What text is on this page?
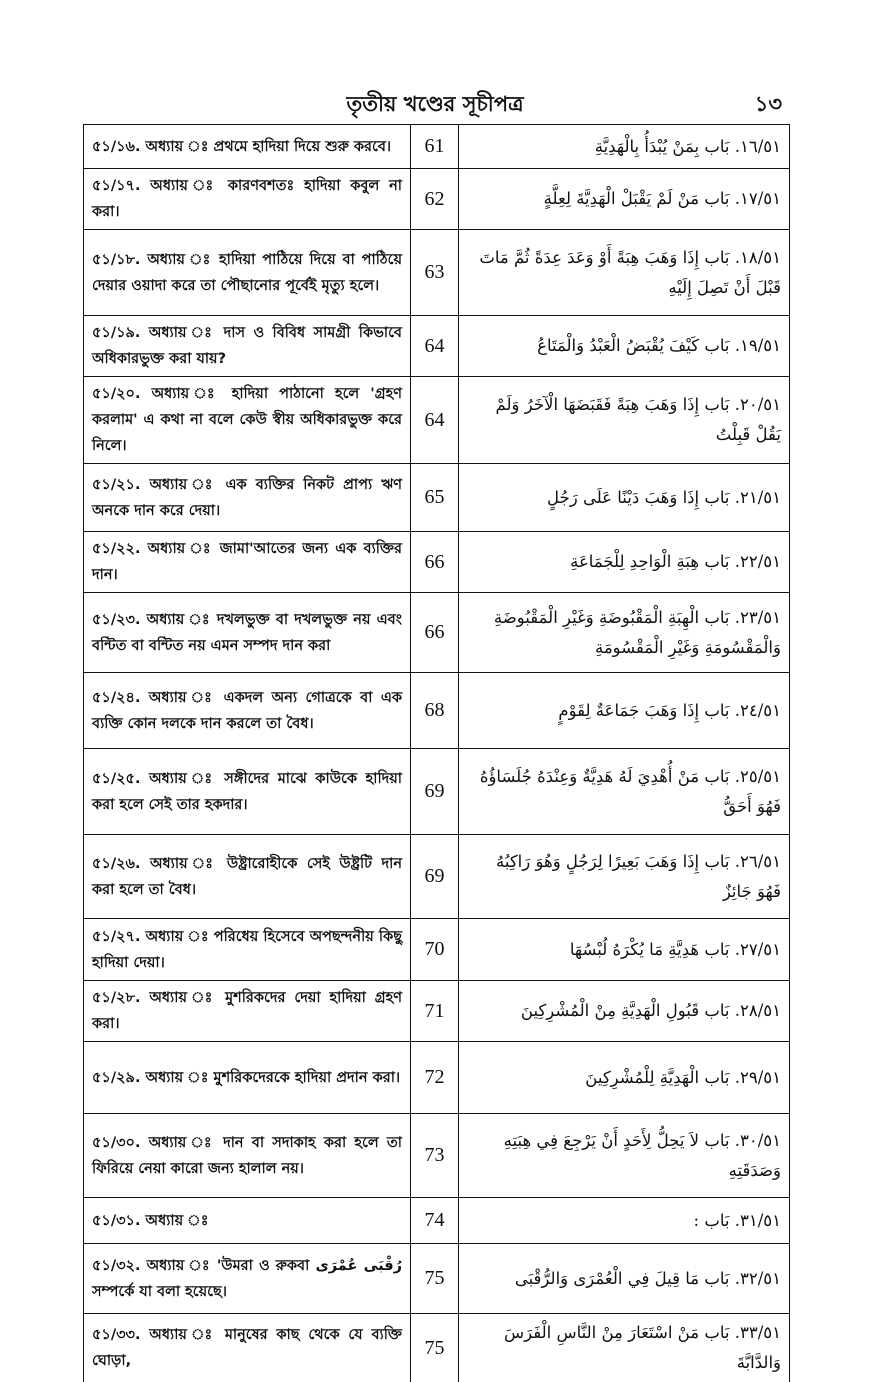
তৃতীয় খণ্ডের সূচীপত্র	১৩
৫১/১৬. অধ্যায় ঃ প্রথমে হাদিয়া দিয়ে শুরু করবে।	61	١٦/٥١. بَاب بِمَنْ يُبْدَأُ بِالْهَدِيَّةِ
৫১/১৭. অধ্যায় ঃ কারণবশতঃ হাদিয়া কবুল না করা।	62	١٧/٥١. بَاب مَنْ لَمْ يَقْبَلْ الْهَدِيَّةَ لِعِلَّةٍ
৫১/১৮. অধ্যায় ঃ হাদিয়া পাঠিয়ে দিয়ে বা পাঠিয়ে দেয়ার ওয়াদা করে তা পৌছানোর পূর্বেই মৃত্যু হলে।	63	١٨/٥١. بَاب إِذَا وَهَبَ هِبَةً أَوْ وَعَدَ عِدَةً ثُمَّ مَاتَ قَبْلَ أَنْ تَصِلَ إِلَيْهِ
৫১/১৯. অধ্যায় ঃ দাস ও বিবিধ সামগ্রী কিভাবে অধিকারভুক্ত করা যায়?	64	١٩/٥١. بَاب كَيْفَ يُقْبَضُ الْعَبْدُ وَالْمَتَاعُ
৫১/২০. অধ্যায় ঃ হাদিয়া পাঠানো হলে 'গ্রহণ করলাম' এ কথা না বলে কেউ স্বীয় অধিকারভুক্ত করে নিলে।	64	٢٠/٥١. بَاب إِذَا وَهَبَ هِبَةً فَقَبَضَهَا الْآخَرُ وَلَمْ يَقُلْ قَبِلْتُ
৫১/২১. অধ্যায় ঃ এক ব্যক্তির নিকট প্রাপ্য ঋণ অনকে দান করে দেয়া।	65	٢١/٥١. بَاب إِذَا وَهَبَ دَيْنًا عَلَى رَجُلٍ
৫১/২২. অধ্যায় ঃ জামা'আতের জন্য এক ব্যক্তির দান।	66	٢٢/٥١. بَاب هِبَةِ الْوَاحِدِ لِلْجَمَاعَةِ
৫১/২৩. অধ্যায় ঃ দখলভুক্ত বা দখলভুক্ত নয় এবং বন্টিত বা বন্টিত নয় এমন সম্পদ দান করা	66	٢٣/٥١. بَاب الْهِبَةِ الْمَقْبُوضَةِ وَغَيْرِ الْمَقْبُوضَةِ وَالْمَقْسُومَةِ وَغَيْرِ الْمَقْسُومَةِ
৫১/২৪. অধ্যায় ঃ একদল অন্য গোত্রকে বা এক ব্যক্তি কোন দলকে দান করলে তা বৈধ।	68	٢٤/٥١. بَاب إِذَا وَهَبَ جَمَاعَةٌ لِقَوْمٍ
৫১/২৫. অধ্যায় ঃ সঙ্গীদের মাঝে কাউকে হাদিয়া করা হলে সেই তার হকদার।	69	٢٥/٥١. بَاب مَنْ أُهْدِيَ لَهُ هَدِيَّةٌ وَعِنْدَهُ جُلَسَاؤُهُ فَهُوَ أَحَقُّ
৫১/২৬. অধ্যায় ঃ উষ্ট্রারোহীকে সেই উষ্ট্রটি দান করা হলে তা বৈধ।	69	٢٦/٥١. بَاب إِذَا وَهَبَ بَعِيرًا لِرَجُلٍ وَهُوَ رَاكِبُهُ فَهُوَ جَائِزٌ
৫১/২৭. অধ্যায় ঃ পরিধেয় হিসেবে অপছন্দনীয় কিছু হাদিয়া দেয়া।	70	٢٧/٥١. بَاب هَدِيَّةِ مَا يُكْرَهُ لُبْسُهَا
৫১/২৮. অধ্যায় ঃ মুশরিকদের দেয়া হাদিয়া গ্রহণ করা।	71	٢٨/٥١. بَاب قَبُولِ الْهَدِيَّةِ مِنْ الْمُشْرِكِينَ
৫১/২৯. অধ্যায় ঃ মুশরিকদেরকে হাদিয়া প্রদান করা।	72	٢٩/٥١. بَاب الْهَدِيَّةِ لِلْمُشْرِكِينَ
৫১/৩০. অধ্যায় ঃ দান বা সদাকাহ করা হলে তা ফিরিয়ে নেয়া কারো জন্য হালাল নয়।	73	٣٠/٥١. بَاب لاَ يَحِلُّ لِأَحَدٍ أَنْ يَرْجِعَ فِي هِبَتِهِ وَصَدَقَتِهِ
৫১/৩১. অধ্যায় ঃ	74	٣١/٥١. بَاب :
৫১/৩২. অধ্যায় ঃ 'উমরা ও রুকবা رُقْبَى عُمْرَى সম্পর্কে যা বলা হয়েছে।	75	٣٢/٥١. بَاب مَا قِيلَ فِي الْعُمْرَى وَالرُّقْبَى
৫১/৩৩. অধ্যায় ঃ মানুষের কাছ থেকে যে ব্যক্তি ঘোড়া,	75	٣٣/٥١. بَاب مَنْ اسْتَعَارَ مِنْ النَّاسِ الْفَرَسَ وَالدَّابَّةَ
